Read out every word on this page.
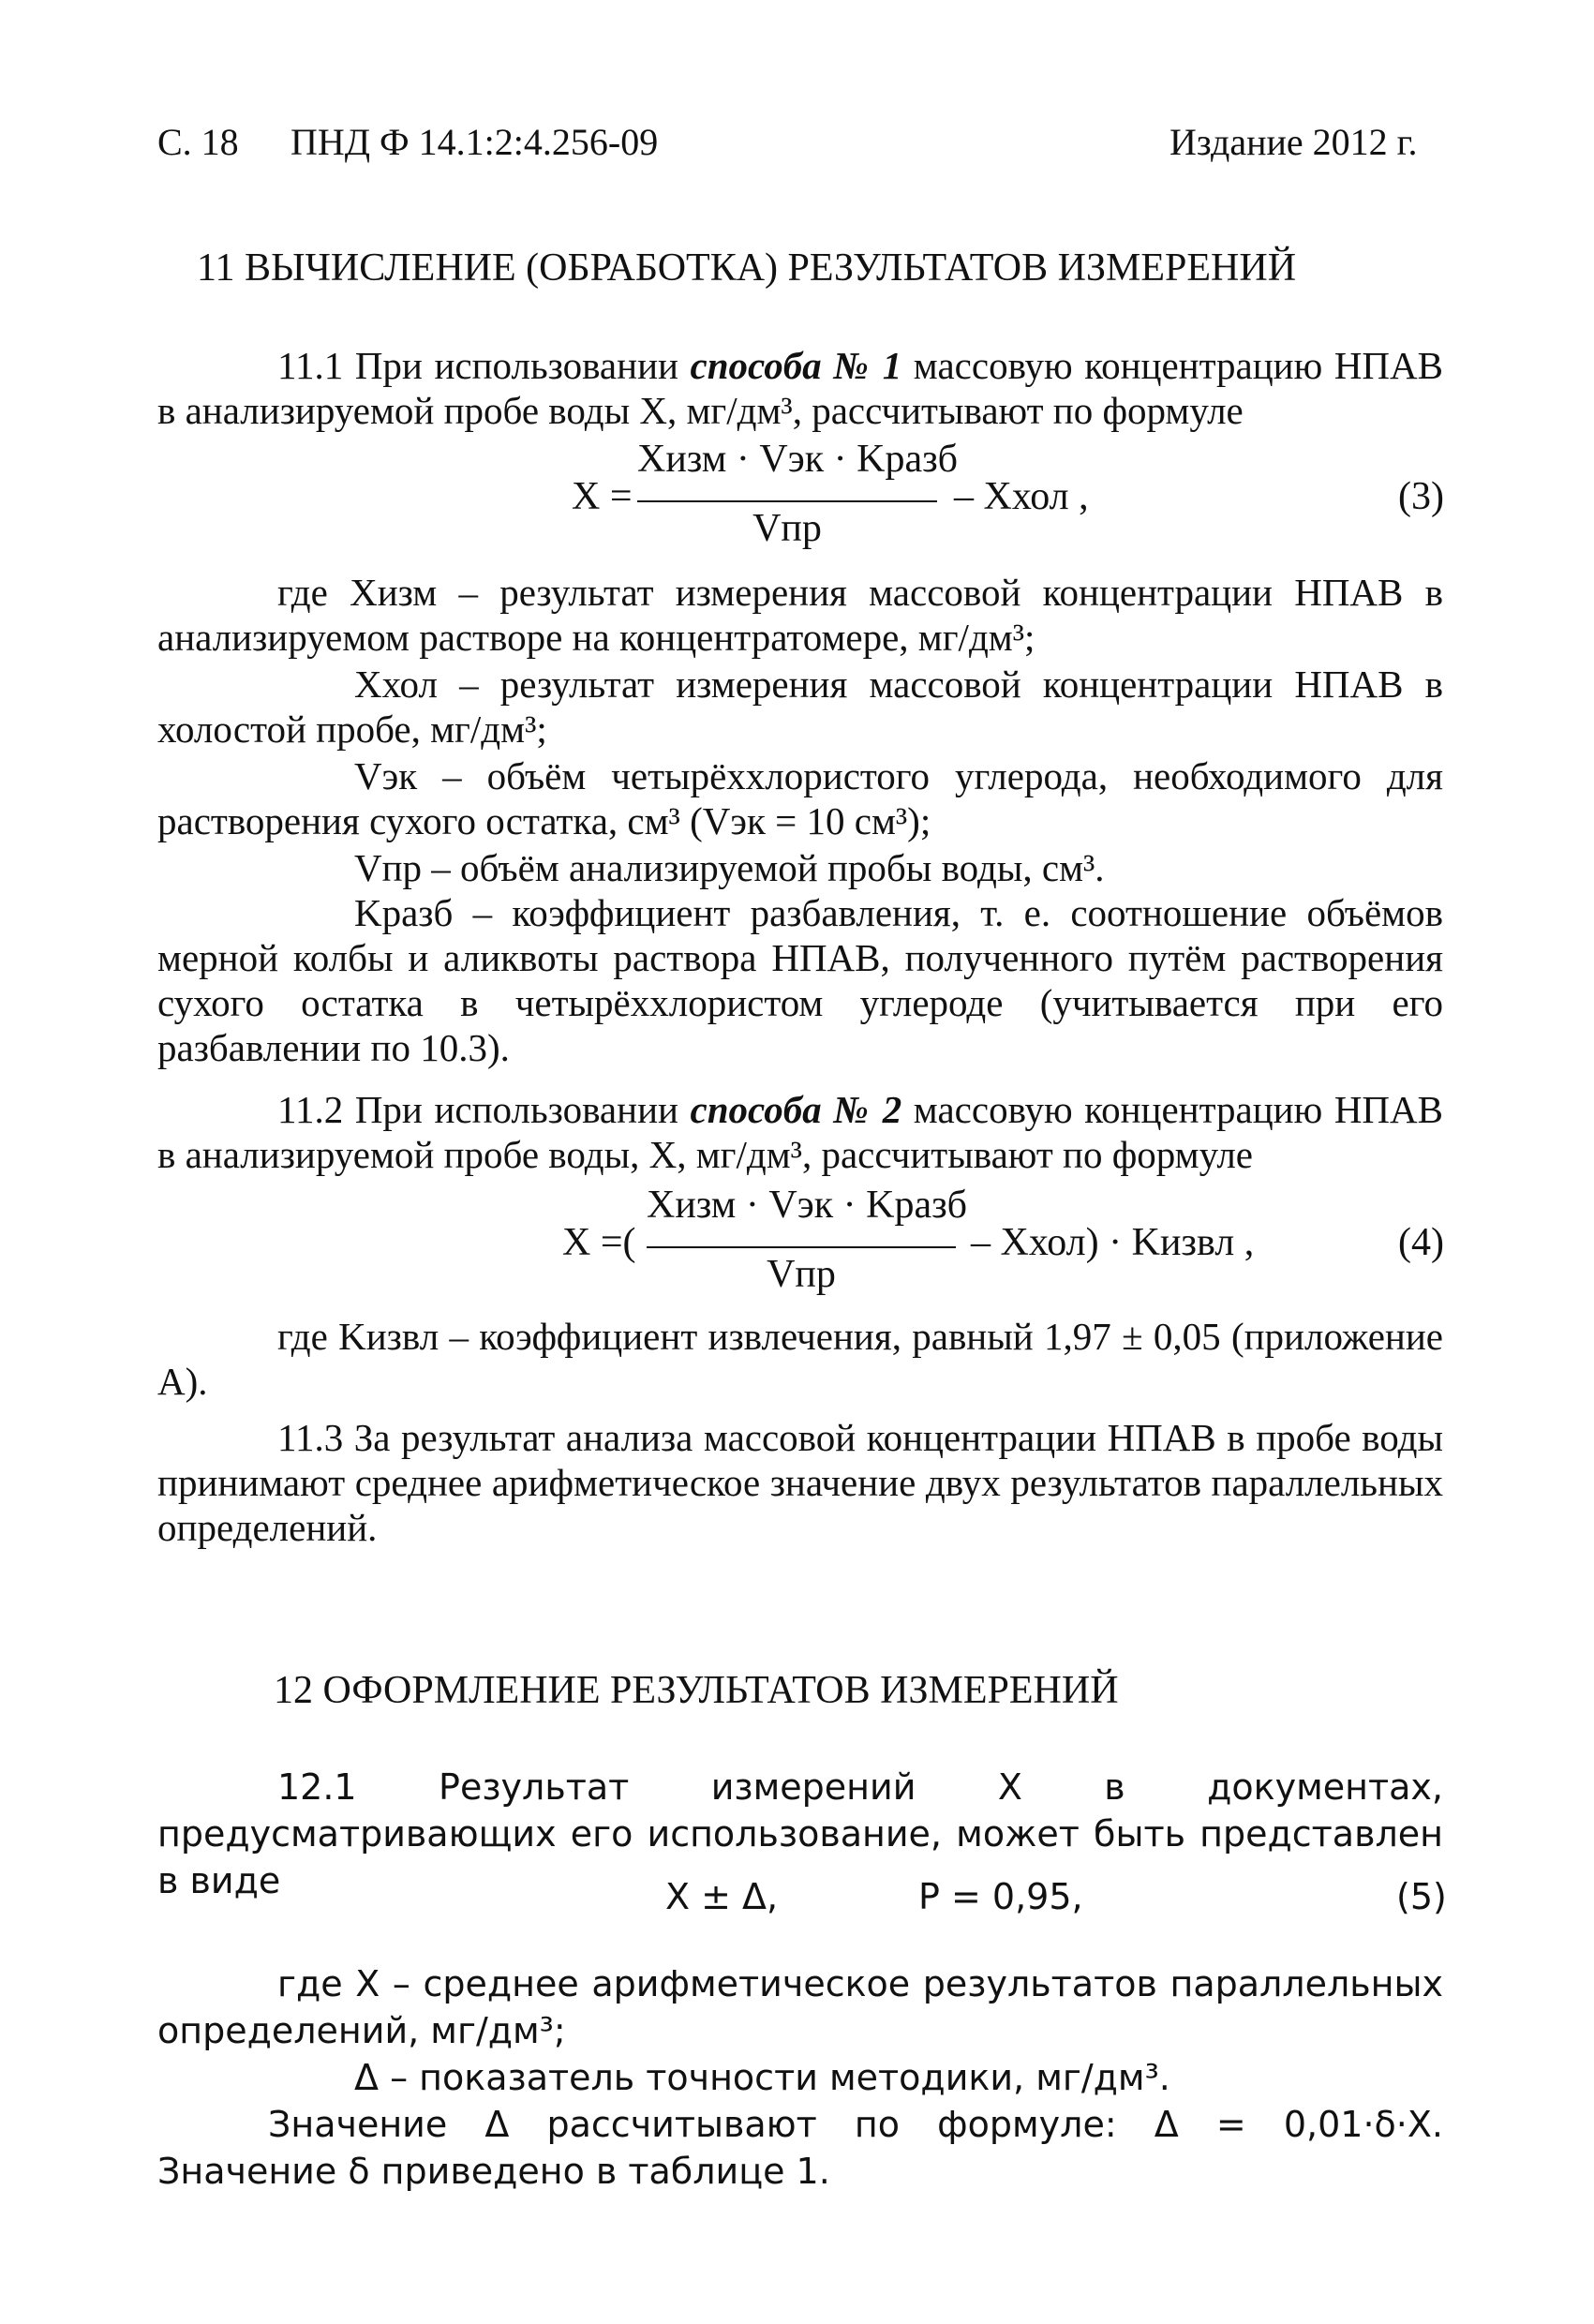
С. 18 ПНД Ф 14.1:2:4.256-09	Издание 2012 г.
11 ВЫЧИСЛЕНИЕ (ОБРАБОТКА) РЕЗУЛЬТАТОВ ИЗМЕРЕНИЙ
11.1 При использовании способа № 1 массовую концентрацию НПАВ в анализируемой пробе воды X, мг/дм³, рассчитывают по формуле
X =
Xизм · Vэк · Kразб
Vпр
– Xхол ,	(3)
где Xизм – результат измерения массовой концентрации НПАВ в анализируемом растворе на концентратомере, мг/дм³;
Xхол – результат измерения массовой концентрации НПАВ в холостой пробе, мг/дм³;
Vэк – объём четырёххлористого углерода, необходимого для растворения сухого остатка, см³ (Vэк = 10 см³);
Vпр – объём анализируемой пробы воды, см³.
Kразб – коэффициент разбавления, т. е. соотношение объёмов мерной колбы и аликвоты раствора НПАВ, полученного путём растворения сухого остатка в четырёххлористом углероде (учитывается при его разбавлении по 10.3).
11.2 При использовании способа № 2 массовую концентрацию НПАВ в анализируемой пробе воды, X, мг/дм³, рассчитывают по формуле
X =(
Xизм · Vэк · Kразб
Vпр
– Xхол) · Kизвл ,	(4)
где Kизвл – коэффициент извлечения, равный 1,97 ± 0,05 (приложение А).
11.3 За результат анализа массовой концентрации НПАВ в пробе воды принимают среднее арифметическое значение двух результатов параллельных определений.
12 ОФОРМЛЕНИЕ РЕЗУЛЬТАТОВ ИЗМЕРЕНИЙ
12.1 Результат измерений X в документах, предусматривающих его использование, может быть представлен в виде	X ± Δ,	P = 0,95,	(5)
где X – среднее арифметическое результатов параллельных определений, мг/дм³;
Δ – показатель точности методики, мг/дм³.
Значение Δ рассчитывают по формуле: Δ = 0,01·δ·X. Значение δ приведено в таблице 1.
